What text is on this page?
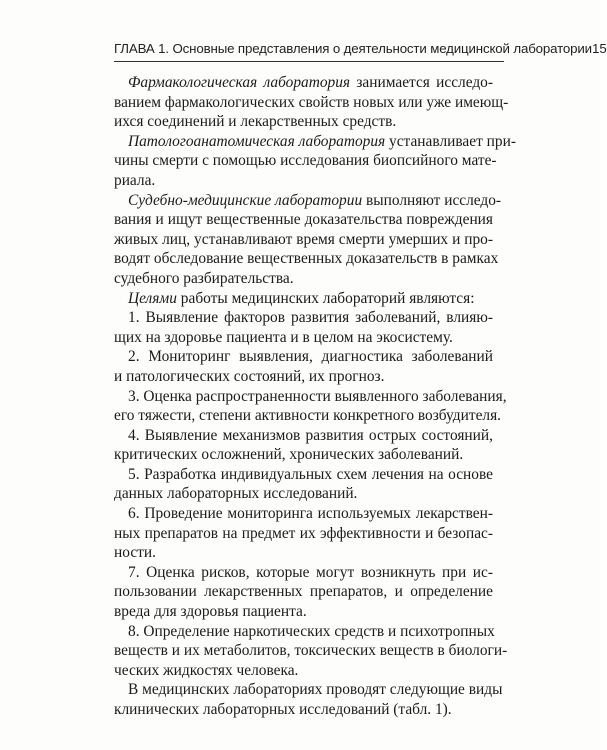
ГЛАВА 1. Основные представления о деятельности медицинской лаборатории 15
Фармакологическая лаборатория занимается исследо-
ванием фармакологических свойств новых или уже имеющ-
ихся соединений и лекарственных средств.
Патологоанатомическая лаборатория устанавливает при-
чины смерти с помощью исследования биопсийного мате-
риала.
Судебно-медицинские лаборатории выполняют исследо-
вания и ищут вещественные доказательства повреждения
живых лиц, устанавливают время смерти умерших и про-
водят обследование вещественных доказательств в рамках
судебного разбирательства.
Целями работы медицинских лабораторий являются:
1. Выявление факторов развития заболеваний, влияю-
щих на здоровье пациента и в целом на экосистему.
2. Мониторинг выявления, диагностика заболеваний
и патологических состояний, их прогноз.
3. Оценка распространенности выявленного заболевания,
его тяжести, степени активности конкретного возбудителя.
4. Выявление механизмов развития острых состояний,
критических осложнений, хронических заболеваний.
5. Разработка индивидуальных схем лечения на основе
данных лабораторных исследований.
6. Проведение мониторинга используемых лекарствен-
ных препаратов на предмет их эффективности и безопас-
ности.
7. Оценка рисков, которые могут возникнуть при ис-
пользовании лекарственных препаратов, и определение
вреда для здоровья пациента.
8. Определение наркотических средств и психотропных
веществ и их метаболитов, токсических веществ в биологи-
ческих жидкостях человека.
В медицинских лабораториях проводят следующие виды
клинических лабораторных исследований (табл. 1).
